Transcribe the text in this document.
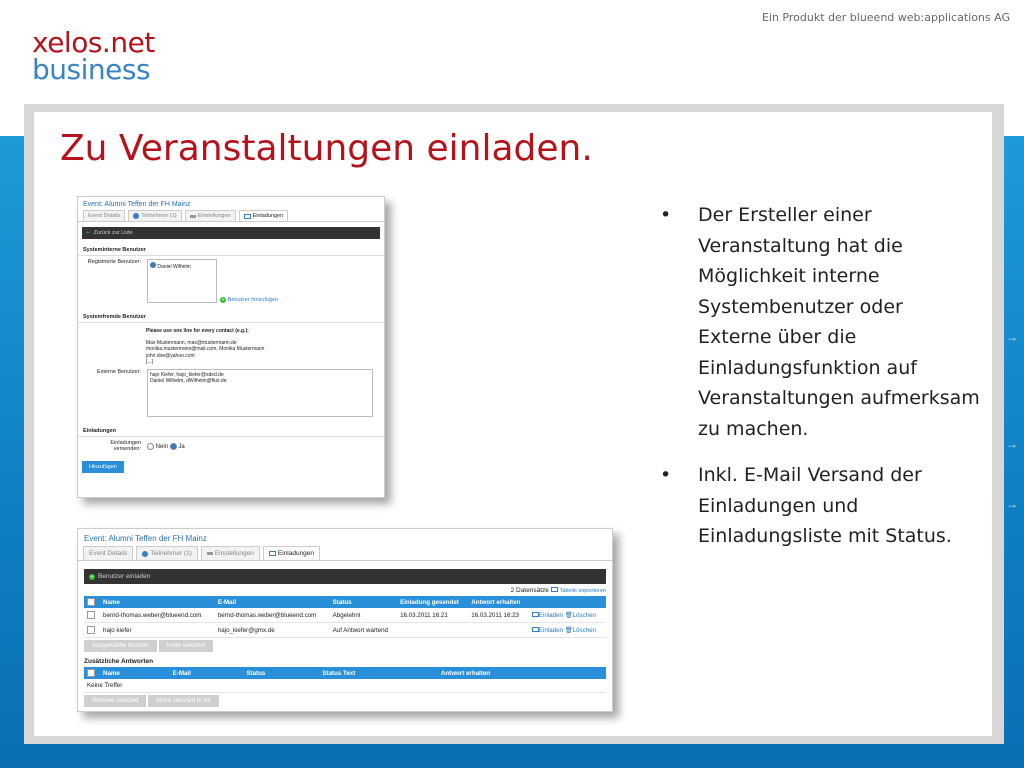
Ein Produkt der blueend web:applications AG
xelos.net
business
Zu Veranstaltungen einladen.
→
→
→
•	Der Ersteller einer Veranstaltung hat die Möglichkeit interne Systembenutzer oder Externe über die Einladungsfunktion auf Veranstaltungen aufmerksam zu machen.
•	Inkl. E-Mail Versand der Einladungen und Einladungsliste mit Status.
Event: Alumni Teffen der FH Mainz
Event Details	Teilnehmer (1)	Einstellungen	Einladungen
↩ Zurück zur Liste
Systeminterne Benutzer
Registrierte Benutzer:
Daniel Wilhelm
+ Benutzer hinzufügen
Systemfremde Benutzer
Please use one line for every contact (e.g.):
Max Mustermann, max@mustermann.de
monika.mustermann@mail.com, Monika Mustermann
john.doe@yahoo.com
[...]
Externe Benutzer:	hajo Kiefer, hajo_kiefer@sded.de
Daniel Wilhelm, dWilhelm@fkol.de
Einladungen
Einladungen
versenden:	Nein Ja
Hinzufügen
Event: Alumni Teffen der FH Mainz
Event Details	Teilnehmer (1)	Einstellungen	Einladungen
+ Benutzer einladen
2 Datensätze Tabelle exportieren
	Name	E-Mail	Status	Einladung gesendet	Antwort erhalten	
	bernd-thomas.weber@blueend.com	bernd-thomas.weber@blueend.com	Abgelehnt	16.03.2011 16:21	16.03.2011 16:23	Einladen 🗑Löschen
	hajo kiefer	hajo_kiefer@gmx.de	Auf Antwort wartend			Einladen 🗑Löschen
Ausgewählte löschen	Invite selected
Zusätzliche Antworten
	Name	E-Mail	Status	Status Text	Antwort erhalten
Keine Treffer
Remove selected	Move selected to list
